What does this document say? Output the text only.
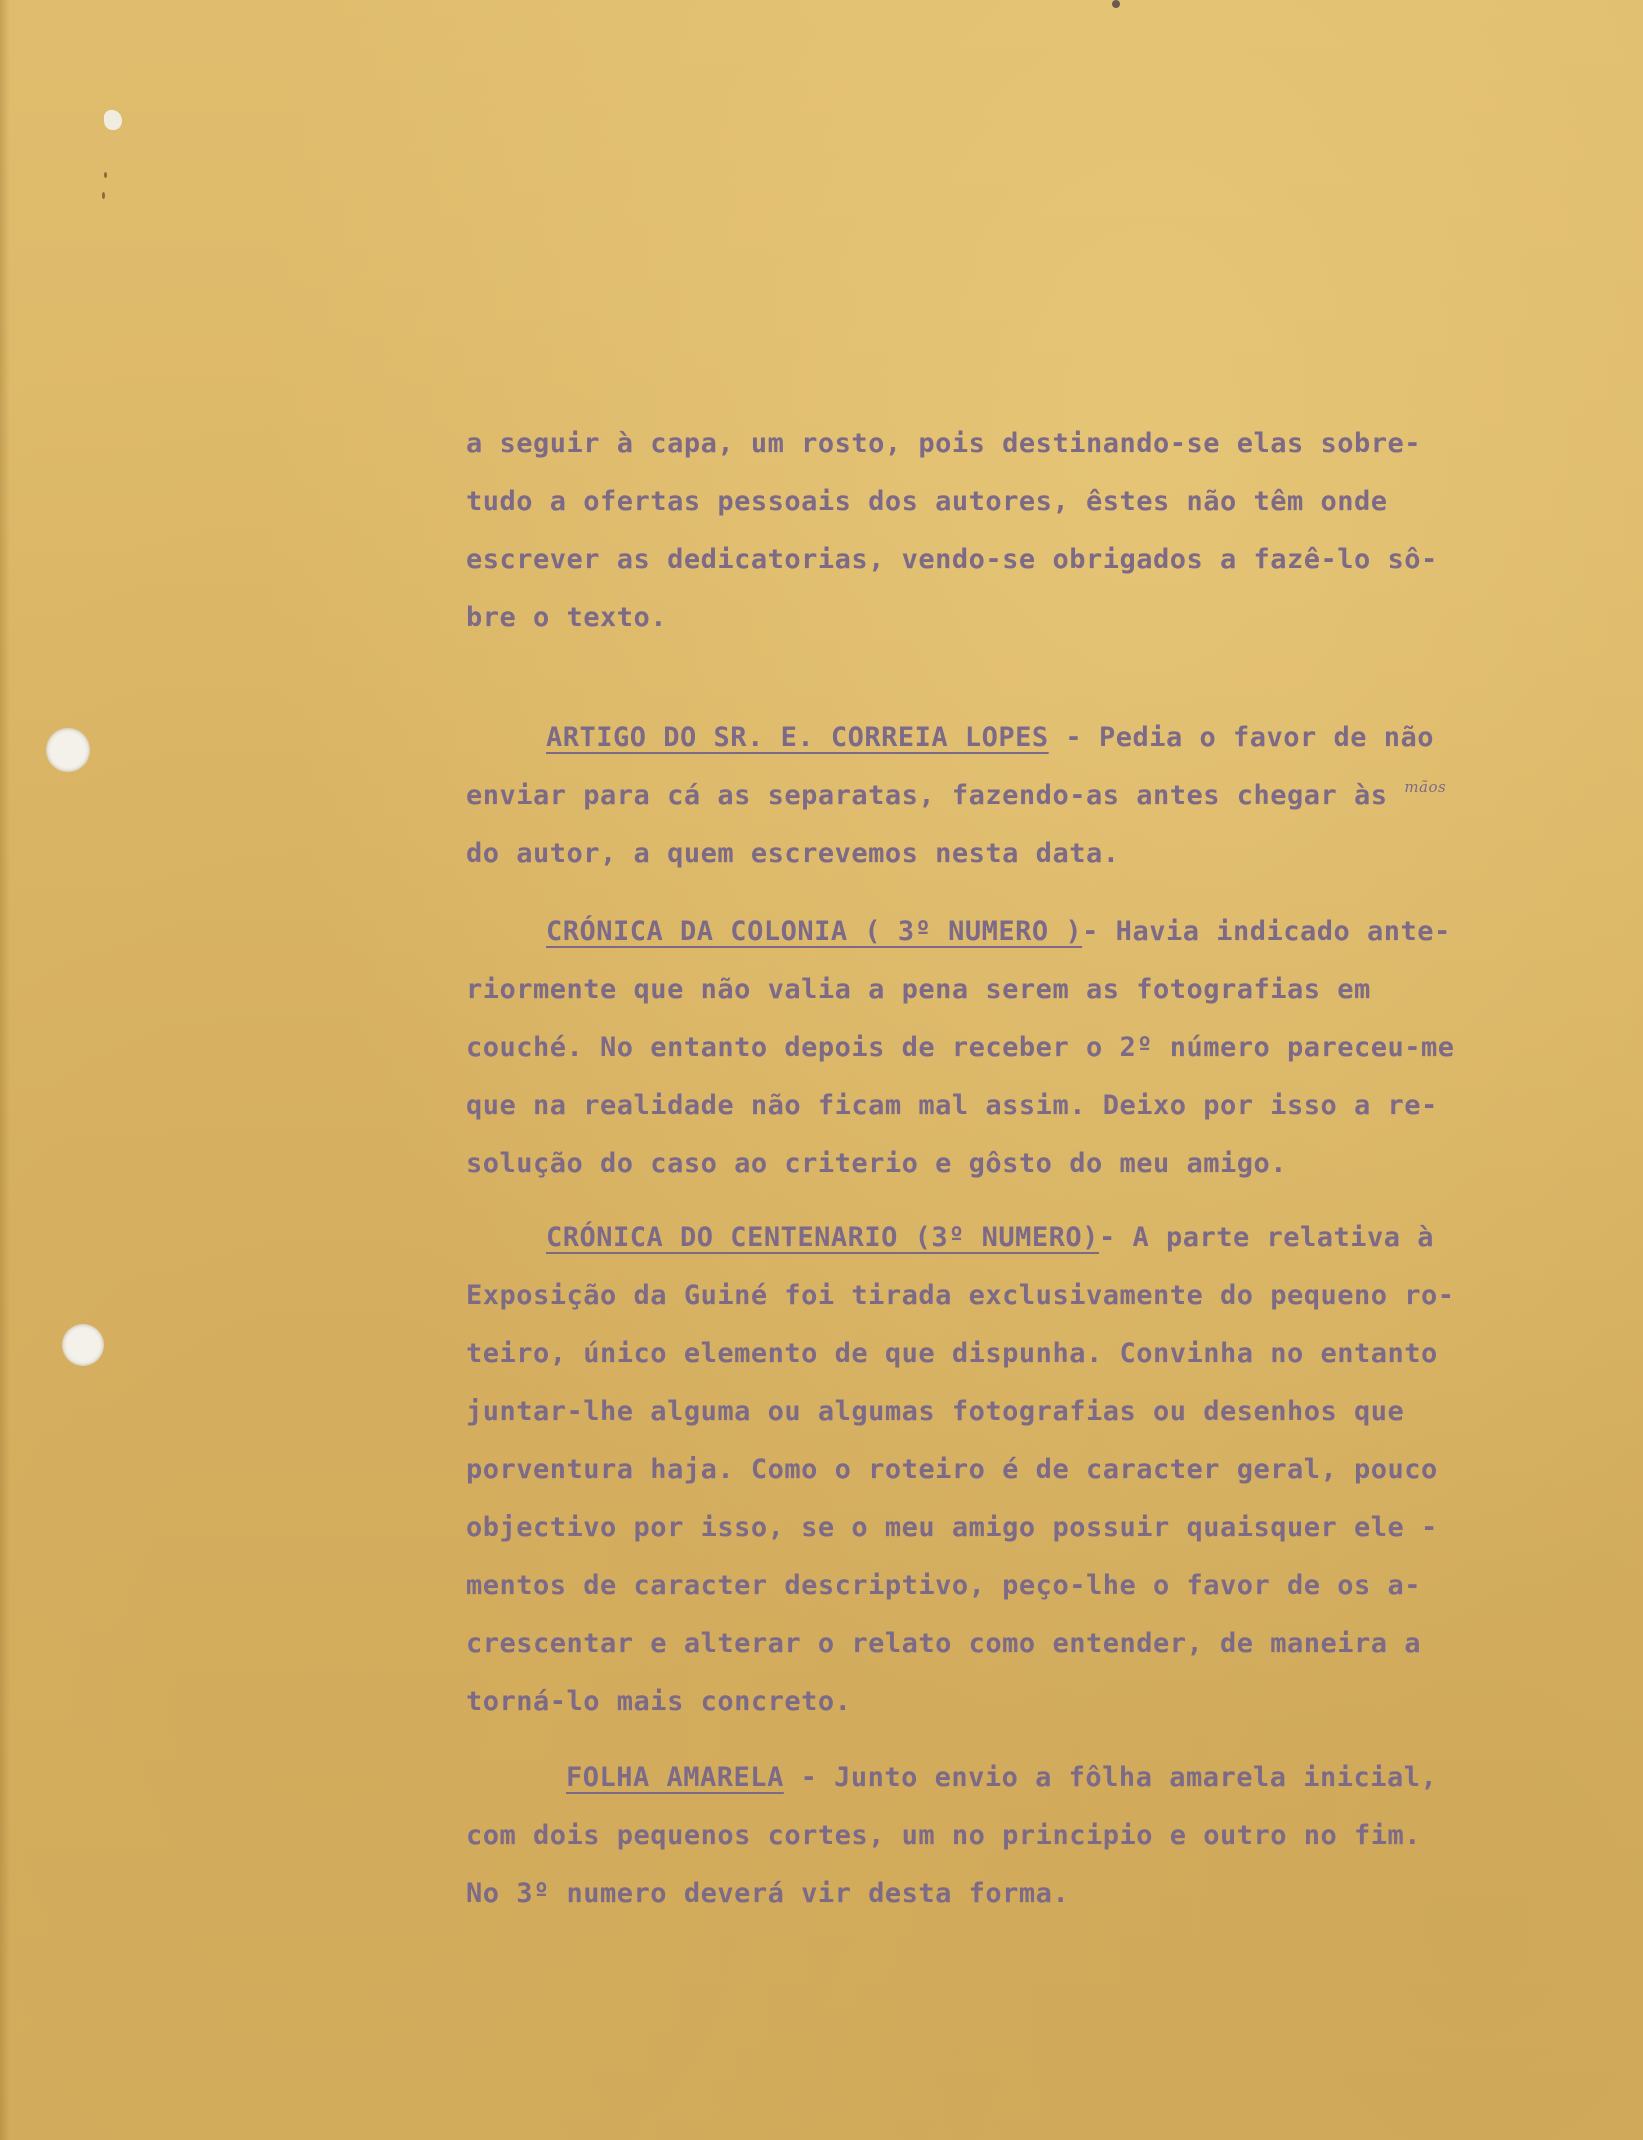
a seguir à capa, um rosto, pois destinando-se elas sobre-
tudo a ofertas pessoais dos autores, êstes não têm onde
escrever as dedicatorias, vendo-se obrigados a fazê-lo sô-
bre o texto.
ARTIGO DO SR. E. CORREIA LOPES - Pedia o favor de não
enviar para cá as separatas, fazendo-as antes chegar às $^{mãos}$
do autor, a quem escrevemos nesta data.
CRÓNICA DA COLONIA ( 3º NUMERO )- Havia indicado ante-
riormente que não valia a pena serem as fotografias em
couché. No entanto depois de receber o 2º número pareceu-me
que na realidade não ficam mal assim. Deixo por isso a re-
solução do caso ao criterio e gôsto do meu amigo.
CRÓNICA DO CENTENARIO (3º NUMERO)- A parte relativa à
Exposição da Guiné foi tirada exclusivamente do pequeno ro-
teiro, único elemento de que dispunha. Convinha no entanto
juntar-lhe alguma ou algumas fotografias ou desenhos que
porventura haja. Como o roteiro é de caracter geral, pouco
objectivo por isso, se o meu amigo possuir quaisquer ele -
mentos de caracter descriptivo, peço-lhe o favor de os a-
crescentar e alterar o relato como entender, de maneira a
torná-lo mais concreto.
FOLHA AMARELA - Junto envio a fôlha amarela inicial,
com dois pequenos cortes, um no principio e outro no fim.
No 3º numero deverá vir desta forma.
